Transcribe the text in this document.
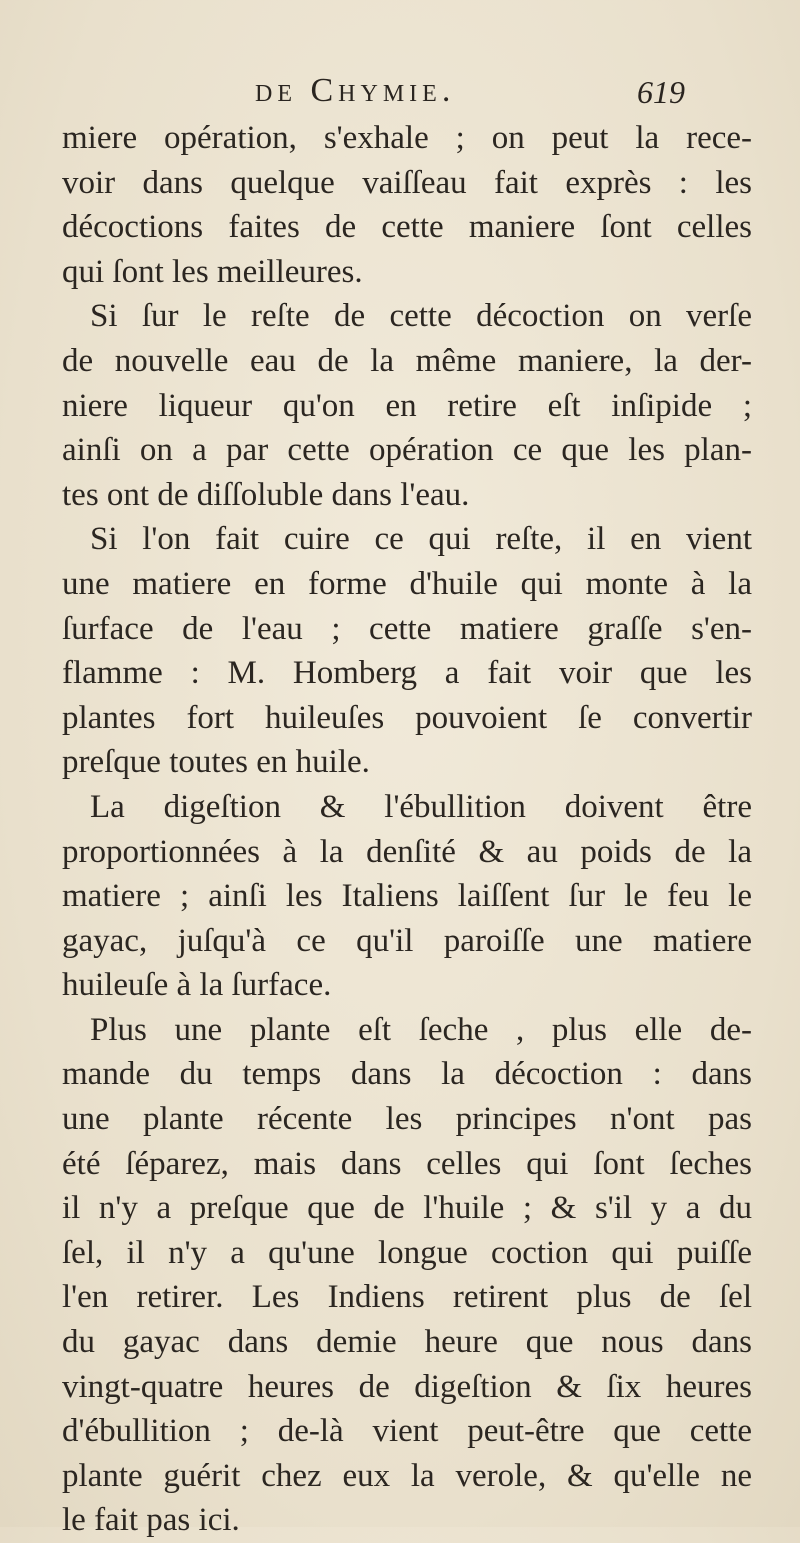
de Chymie.	619
miere opération, s'exhale ; on peut la rece-
voir dans quelque vaiſſeau fait exprès : les
décoctions faites de cette maniere ſont celles
qui ſont les meilleures.
Si ſur le reſte de cette décoction on verſe
de nouvelle eau de la même maniere, la der-
niere liqueur qu'on en retire eſt inſipide ;
ainſi on a par cette opération ce que les plan-
tes ont de diſſoluble dans l'eau.
Si l'on fait cuire ce qui reſte, il en vient
une matiere en forme d'huile qui monte à la
ſurface de l'eau ; cette matiere graſſe s'en-
flamme : M. Homberg a fait voir que les
plantes fort huileuſes pouvoient ſe convertir
preſque toutes en huile.
La digeſtion & l'ébullition doivent être
proportionnées à la denſité & au poids de la
matiere ; ainſi les Italiens laiſſent ſur le feu le
gayac, juſqu'à ce qu'il paroiſſe une matiere
huileuſe à la ſurface.
Plus une plante eſt ſeche , plus elle de-
mande du temps dans la décoction : dans
une plante récente les principes n'ont pas
été ſéparez, mais dans celles qui ſont ſeches
il n'y a preſque que de l'huile ; & s'il y a du
ſel, il n'y a qu'une longue coction qui puiſſe
l'en retirer. Les Indiens retirent plus de ſel
du gayac dans demie heure que nous dans
vingt-quatre heures de digeſtion & ſix heures
d'ébullition ; de-là vient peut-être que cette
plante guérit chez eux la verole, & qu'elle ne
le fait pas ici.
